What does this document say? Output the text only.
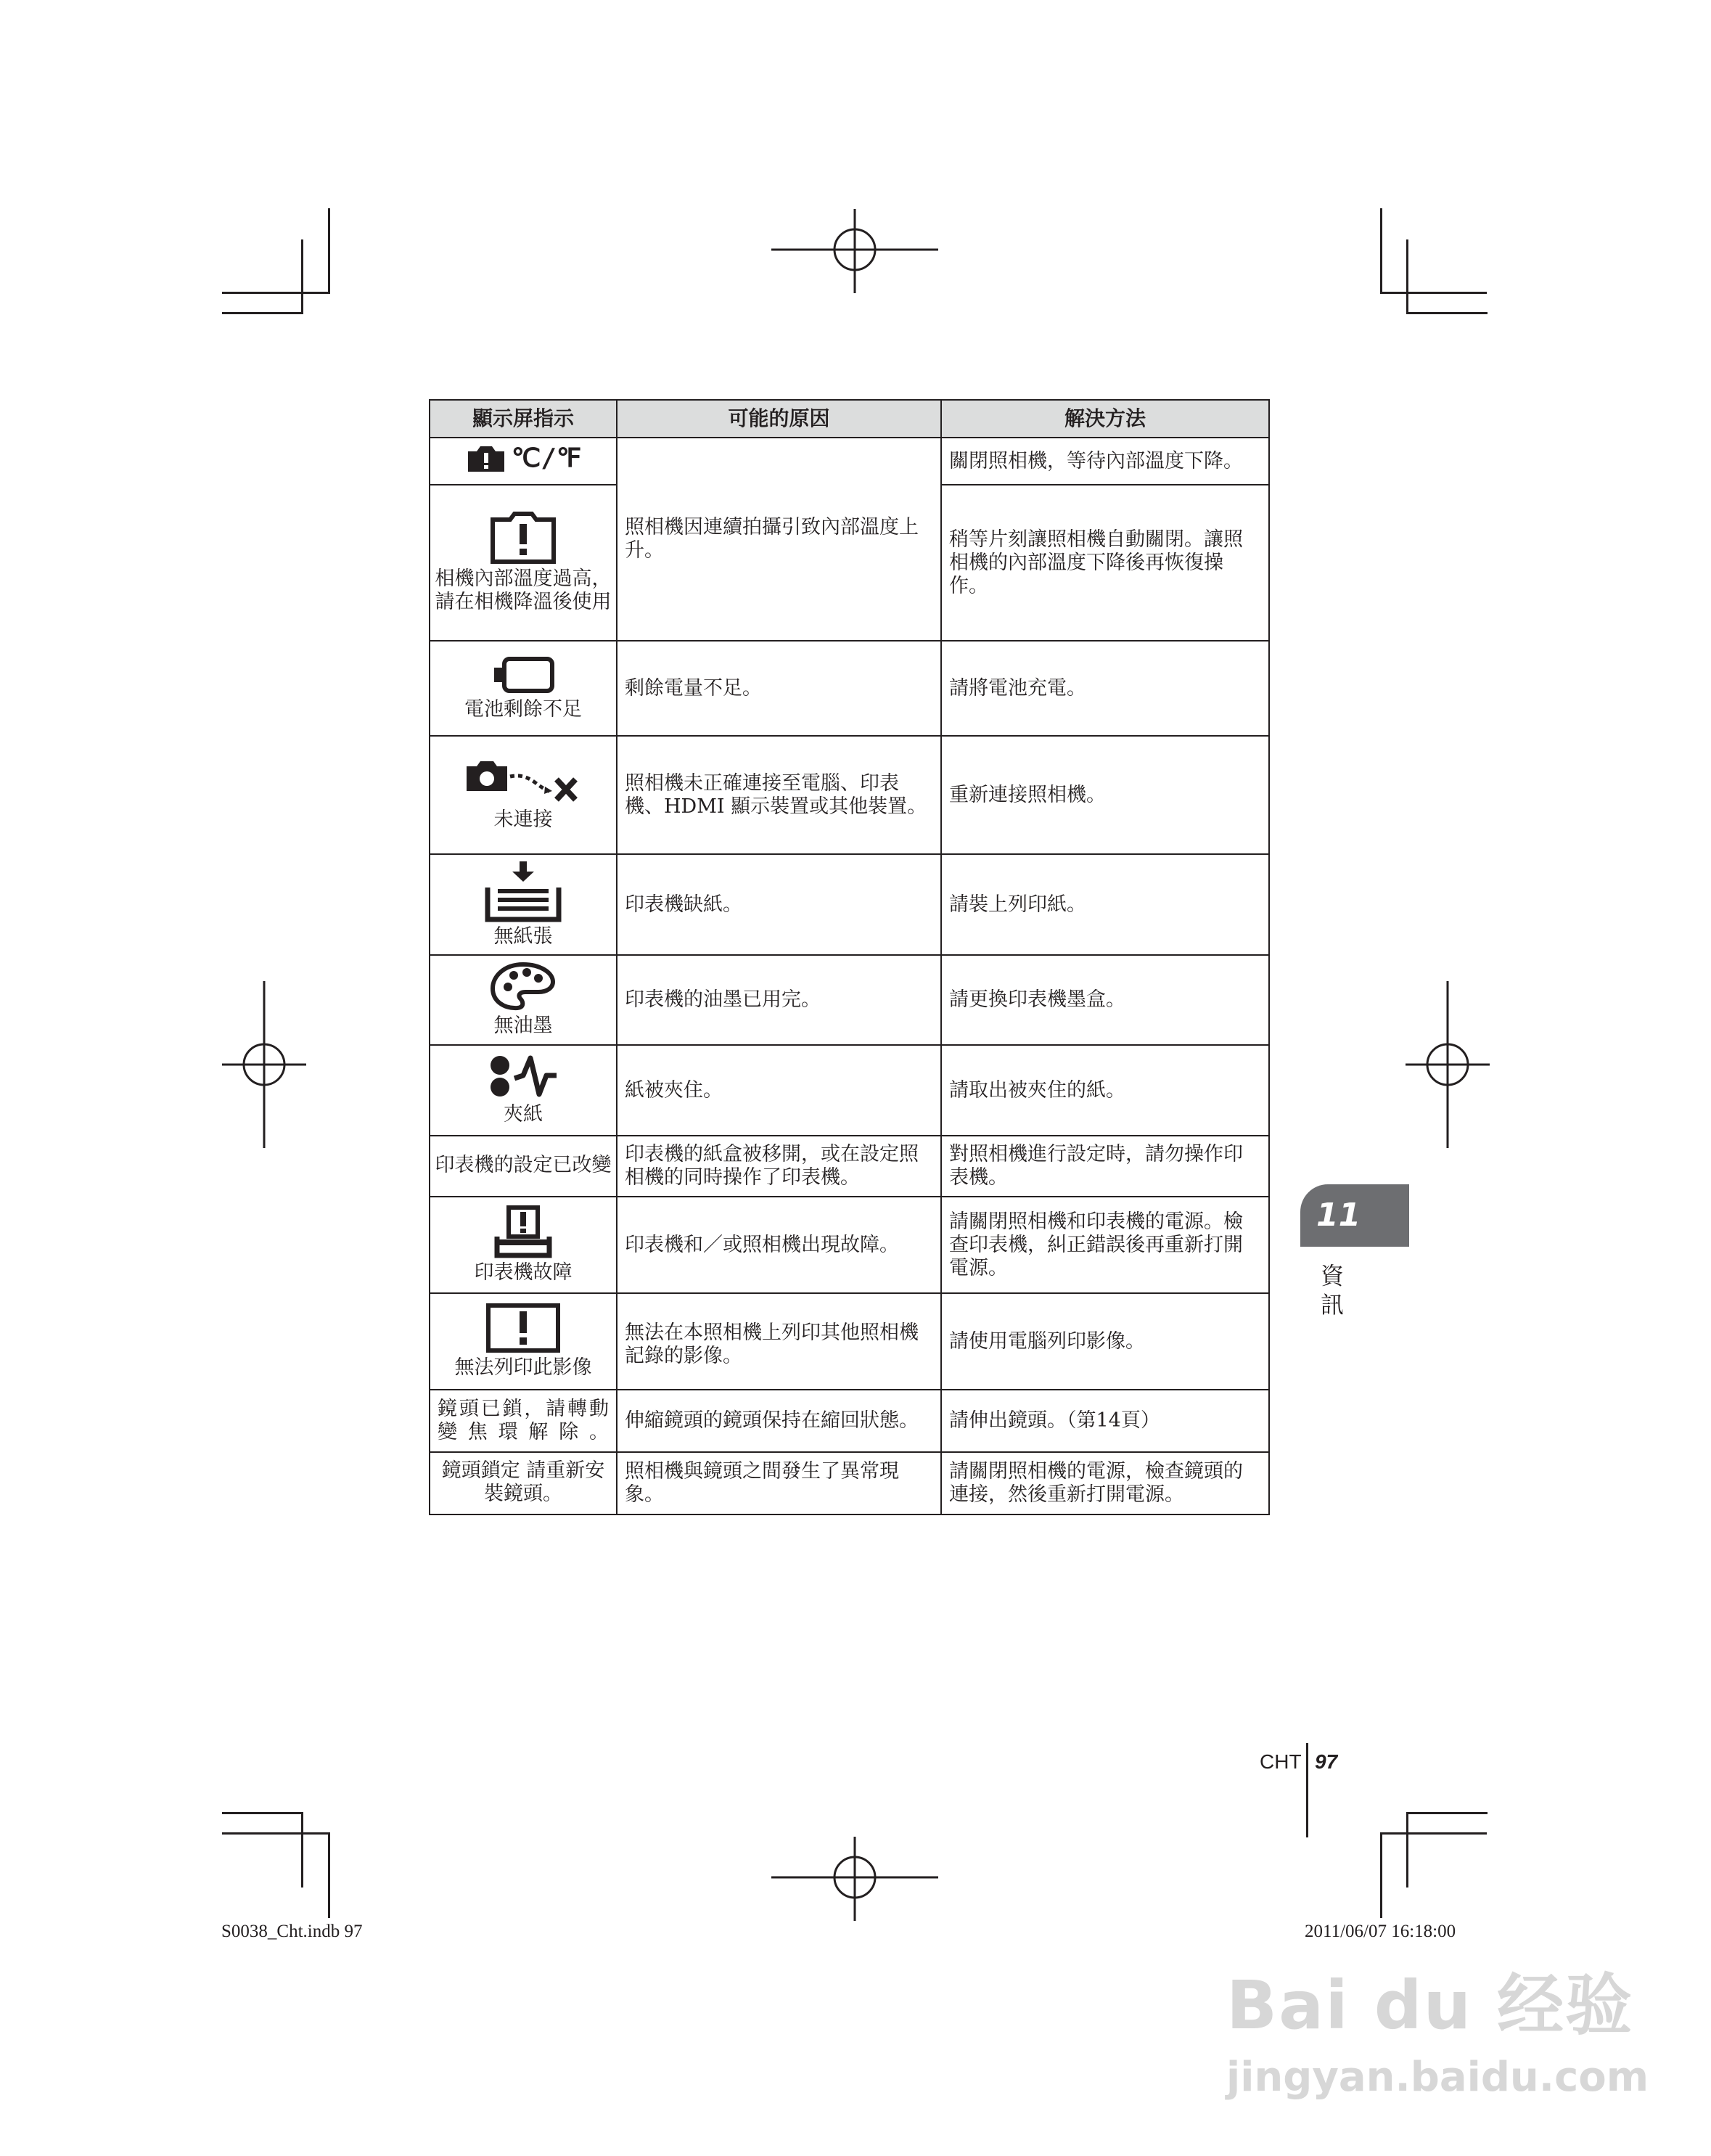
顯示屏指示	可能的原因	解決方法

℃/℉	照相機因連續拍攝引致內部溫度上升。	關閉照相機，等待內部溫度下降。

相機內部溫度過高，請在相機降溫後使用		稍等片刻讓照相機自動關閉。讓照相機的內部溫度下降後再恢復操作。

電池剩餘不足	剩餘電量不足。	請將電池充電。

未連接	照相機未正確連接至電腦、印表機、HDMI 顯示裝置或其他裝置。	重新連接照相機。

無紙張	印表機缺紙。	請裝上列印紙。

無油墨	印表機的油墨已用完。	請更換印表機墨盒。

夾紙	紙被夾住。	請取出被夾住的紙。

印表機的設定已改變	印表機的紙盒被移開，或在設定照相機的同時操作了印表機。	對照相機進行設定時，請勿操作印表機。

印表機故障	印表機和／或照相機出現故障。	請關閉照相機和印表機的電源。檢查印表機，糾正錯誤後再重新打開電源。

無法列印此影像	無法在本照相機上列印其他照相機記錄的影像。	請使用電腦列印影像。

鏡頭已鎖，請轉動變焦環解除。	伸縮鏡頭的鏡頭保持在縮回狀態。	請伸出鏡頭。（第14頁）

鏡頭鎖定 請重新安裝鏡頭。	照相機與鏡頭之間發生了異常現象。	請關閉照相機的電源，檢查鏡頭的連接，然後重新打開電源。
11
資訊
CHT 97
S0038_Cht.indb 97	2011/06/07 16:18:00
Bai du 经验
jingyan.baidu.com
